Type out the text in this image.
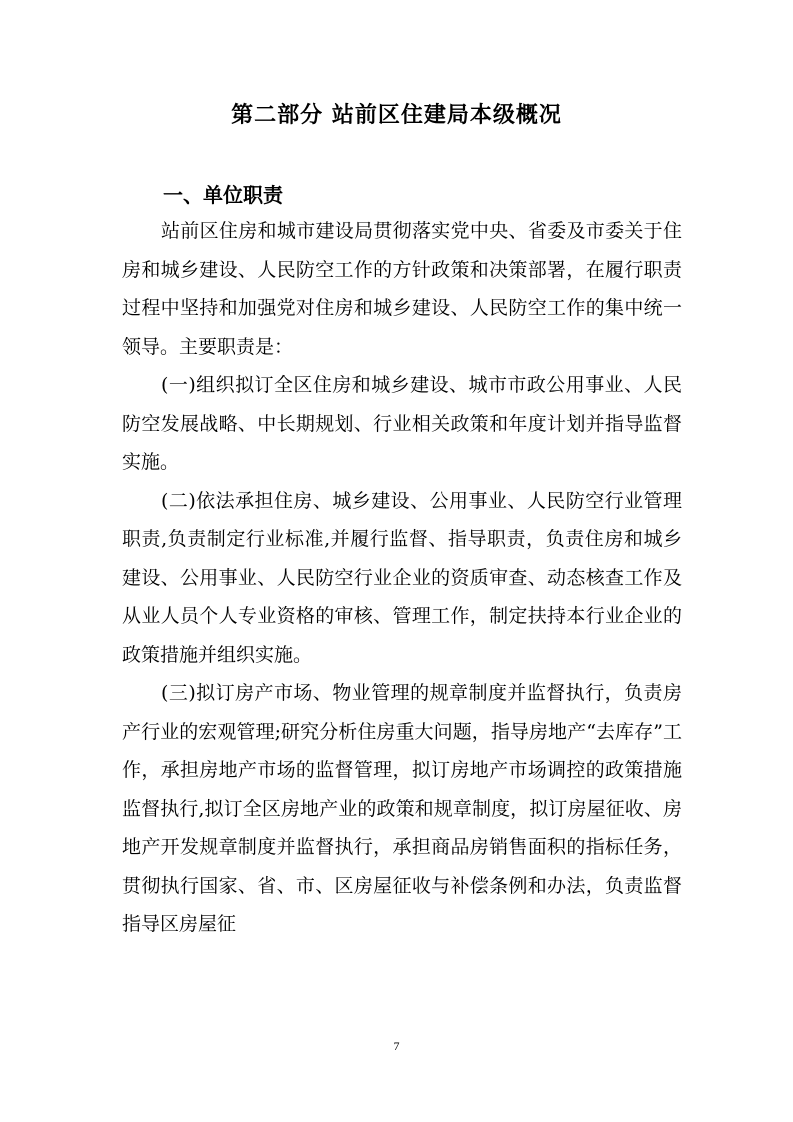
第二部分 站前区住建局本级概况
一、单位职责

站前区住房和城市建设局贯彻落实党中央、省委及市委关于住房和城乡建设、人民防空工作的方针政策和决策部署，在履行职责过程中坚持和加强党对住房和城乡建设、人民防空工作的集中统一领导。主要职责是：

(一)组织拟订全区住房和城乡建设、城市市政公用事业、人民防空发展战略、中长期规划、行业相关政策和年度计划并指导监督实施。

(二)依法承担住房、城乡建设、公用事业、人民防空行业管理职责,负责制定行业标准,并履行监督、指导职责，负责住房和城乡建设、公用事业、人民防空行业企业的资质审查、动态核查工作及从业人员个人专业资格的审核、管理工作，制定扶持本行业企业的政策措施并组织实施。

(三)拟订房产市场、物业管理的规章制度并监督执行，负责房产行业的宏观管理;研究分析住房重大问题，指导房地产“去库存”工作，承担房地产市场的监督管理，拟订房地产市场调控的政策措施监督执行,拟订全区房地产业的政策和规章制度，拟订房屋征收、房地产开发规章制度并监督执行，承担商品房销售面积的指标任务，贯彻执行国家、省、市、区房屋征收与补偿条例和办法，负责监督指导区房屋征

7
